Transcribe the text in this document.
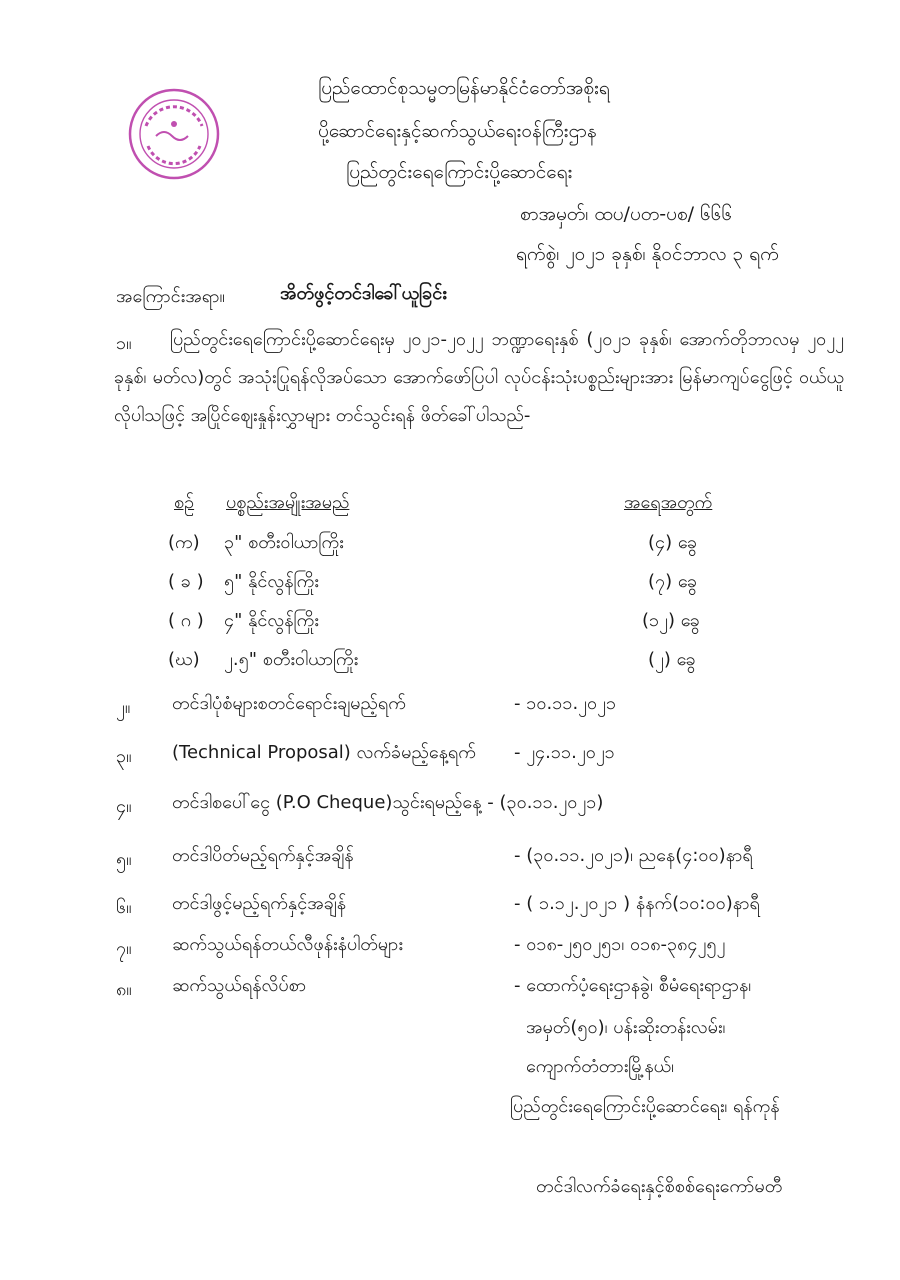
ပြည်ထောင်စုသမ္မတမြန်မာနိုင်ငံတော်အစိုးရ
ပို့ဆောင်ရေးနှင့်ဆက်သွယ်ရေးဝန်ကြီးဌာန
ပြည်တွင်းရေကြောင်းပို့ဆောင်ရေး
စာအမှတ်၊ ထပ/ပတ-ပစ/ ၆၆၆
ရက်စွဲ၊ ၂၀၂၁ ခုနှစ်၊ နိုဝင်ဘာလ ၃ ရက်
အကြောင်းအရာ။	အိတ်ဖွင့်တင်ဒါခေါ်ယူခြင်း
၁။	ပြည်တွင်းရေကြောင်းပို့ဆောင်ရေးမှ ၂၀၂၁-၂၀၂၂ ဘဏ္ဍာရေးနှစ် (၂၀၂၁ ခုနှစ်၊ အောက်တိုဘာလမှ ၂၀၂၂ ခုနှစ်၊ မတ်လ)တွင် အသုံးပြုရန်လိုအပ်သော အောက်ဖော်ပြပါ လုပ်ငန်းသုံးပစ္စည်းများအား မြန်မာကျပ်ငွေဖြင့် ဝယ်ယူလိုပါသဖြင့် အပြိုင်ဈေးနှုန်းလွှာများ တင်သွင်းရန် ဖိတ်ခေါ်ပါသည်-
စဉ် ပစ္စည်းအမျိုးအမည်	အရေအတွက်
(က) ၃" စတီးဝါယာကြိုး	(၄) ခွေ
( ခ ) ၅" နိုင်လွန်ကြိုး	(၇) ခွေ
( ဂ ) ၄" နိုင်လွန်ကြိုး	(၁၂) ခွေ
(ဃ) ၂.၅" စတီးဝါယာကြိုး	(၂) ခွေ
၂။ တင်ဒါပုံစံများစတင်ရောင်းချမည့်ရက်	- ၁၀.၁၁.၂၀၂၁
၃။ (Technical Proposal) လက်ခံမည့်နေ့ရက် - ၂၄.၁၁.၂၀၂၁
၄။ တင်ဒါစပေါ်ငွေ (P.O Cheque)သွင်းရမည့်နေ့ - (၃၀.၁၁.၂၀၂၁)
၅။ တင်ဒါပိတ်မည့်ရက်နှင့်အချိန်	- (၃၀.၁၁.၂၀၂၁)၊ ညနေ(၄:၀၀)နာရီ
၆။ တင်ဒါဖွင့်မည့်ရက်နှင့်အချိန်	- ( ၁.၁၂.၂၀၂၁ ) နံနက်(၁၀:၀၀)နာရီ
၇။ ဆက်သွယ်ရန်တယ်လီဖုန်းနံပါတ်များ	- ၀၁၈-၂၅၀၂၅၁၊ ၀၁၈-၃၈၄၂၅၂
၈။ ဆက်သွယ်ရန်လိပ်စာ	- ထောက်ပံ့ရေးဌာနခွဲ၊ စီမံရေးရာဌာန၊
အမှတ်(၅၀)၊ ပန်းဆိုးတန်းလမ်း၊
ကျောက်တံတားမြို့နယ်၊
ပြည်တွင်းရေကြောင်းပို့ဆောင်ရေး၊ ရန်ကုန်
တင်ဒါလက်ခံရေးနှင့်စိစစ်ရေးကော်မတီ
